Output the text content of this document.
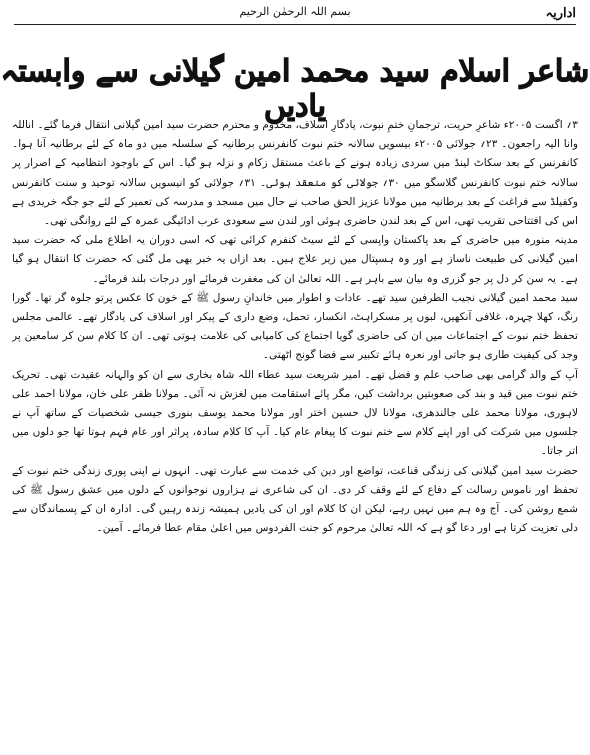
اداریہ
بسم اللہ الرحمٰن الرحیم
شاعر اسلام سید محمد امین گیلانی سے وابستہ یادیں

۳؍ اگست ۲۰۰۵ء شاعرِ حریت، ترجمانِ ختمِ نبوت، یادگارِ اسلاف، مخدوم و محترم حضرت سید امین گیلانی انتقال فرما گئے۔ اناللہ وانا الیہ راجعون۔ ۲۳؍ جولائی ۲۰۰۵ء بیسویں سالانہ ختم نبوت کانفرنس برطانیہ کے سلسلہ میں دو ماہ کے لئے برطانیہ آنا ہوا۔ کانفرنس کے بعد سکاٹ لینڈ میں سردی زیادہ ہونے کے باعث مستقل زکام و نزلہ ہو گیا۔ اس کے باوجود انتظامیہ کے اصرار پر سالانہ ختم نبوت کانفرنس گلاسگو میں ۳۰؍ جولائی کو منعقد ہوئی۔ ۳۱؍ جولائی کو انیسویں سالانہ توحید و سنت کانفرنس وکفیلڈ سے فراغت کے بعد برطانیہ میں مولانا عزیز الحق صاحب نے حال میں مسجد و مدرسہ کی تعمیر کے لئے جو جگہ خریدی ہے اس کی افتتاحی تقریب تھی، اس کے بعد لندن حاضری ہوئی اور لندن سے سعودی عرب ادائیگی عمرہ کے لئے روانگی تھی۔

مدینہ منورہ میں حاضری کے بعد پاکستان واپسی کے لئے سیٹ کنفرم کرائی تھی کہ اسی دوران یہ اطلاع ملی کہ حضرت سید امین گیلانی کی طبیعت ناساز ہے اور وہ ہسپتال میں زیر علاج ہیں۔ بعد ازاں یہ خبر بھی مل گئی کہ حضرت کا انتقال ہو گیا ہے۔ یہ سن کر دل پر جو گزری وہ بیان سے باہر ہے۔ اللہ تعالیٰ ان کی مغفرت فرمائے اور درجات بلند فرمائے۔

سید محمد امین گیلانی نجیب الطرفین سید تھے۔ عادات و اطوار میں خاندانِ رسول ﷺ کے خون کا عکس پرتو جلوہ گر تھا۔ گورا رنگ، کھلا چہرہ، غلافی آنکھیں، لبوں پر مسکراہٹ، انکسار، تحمل، وضع داری کے پیکر اور اسلاف کی یادگار تھے۔ عالمی مجلس تحفظ ختم نبوت کے اجتماعات میں ان کی حاضری گویا اجتماع کی کامیابی کی علامت ہوتی تھی۔ ان کا کلام سن کر سامعین پر وجد کی کیفیت طاری ہو جاتی اور نعرہ ہائے تکبیر سے فضا گونج اٹھتی۔

آپ کے والد گرامی بھی صاحب علم و فضل تھے۔ امیر شریعت سید عطاء اللہ شاہ بخاری سے ان کو والہانہ عقیدت تھی۔ تحریک ختم نبوت میں قید و بند کی صعوبتیں برداشت کیں، مگر پائے استقامت میں لغزش نہ آئی۔ مولانا ظفر علی خان، مولانا احمد علی لاہوری، مولانا محمد علی جالندھری، مولانا لال حسین اختر اور مولانا محمد یوسف بنوری جیسی شخصیات کے ساتھ آپ نے جلسوں میں شرکت کی اور اپنے کلام سے ختم نبوت کا پیغام عام کیا۔ آپ کا کلام سادہ، پراثر اور عام فہم ہوتا تھا جو دلوں میں اتر جاتا۔

حضرت سید امین گیلانی کی زندگی قناعت، تواضع اور دین کی خدمت سے عبارت تھی۔ انہوں نے اپنی پوری زندگی ختم نبوت کے تحفظ اور ناموس رسالت کے دفاع کے لئے وقف کر دی۔ ان کی شاعری نے ہزاروں نوجوانوں کے دلوں میں عشق رسول ﷺ کی شمع روشن کی۔ آج وہ ہم میں نہیں رہے، لیکن ان کا کلام اور ان کی یادیں ہمیشہ زندہ رہیں گی۔ ادارہ ان کے پسماندگان سے دلی تعزیت کرتا ہے اور دعا گو ہے کہ اللہ تعالیٰ مرحوم کو جنت الفردوس میں اعلیٰ مقام عطا فرمائے۔ آمین۔
